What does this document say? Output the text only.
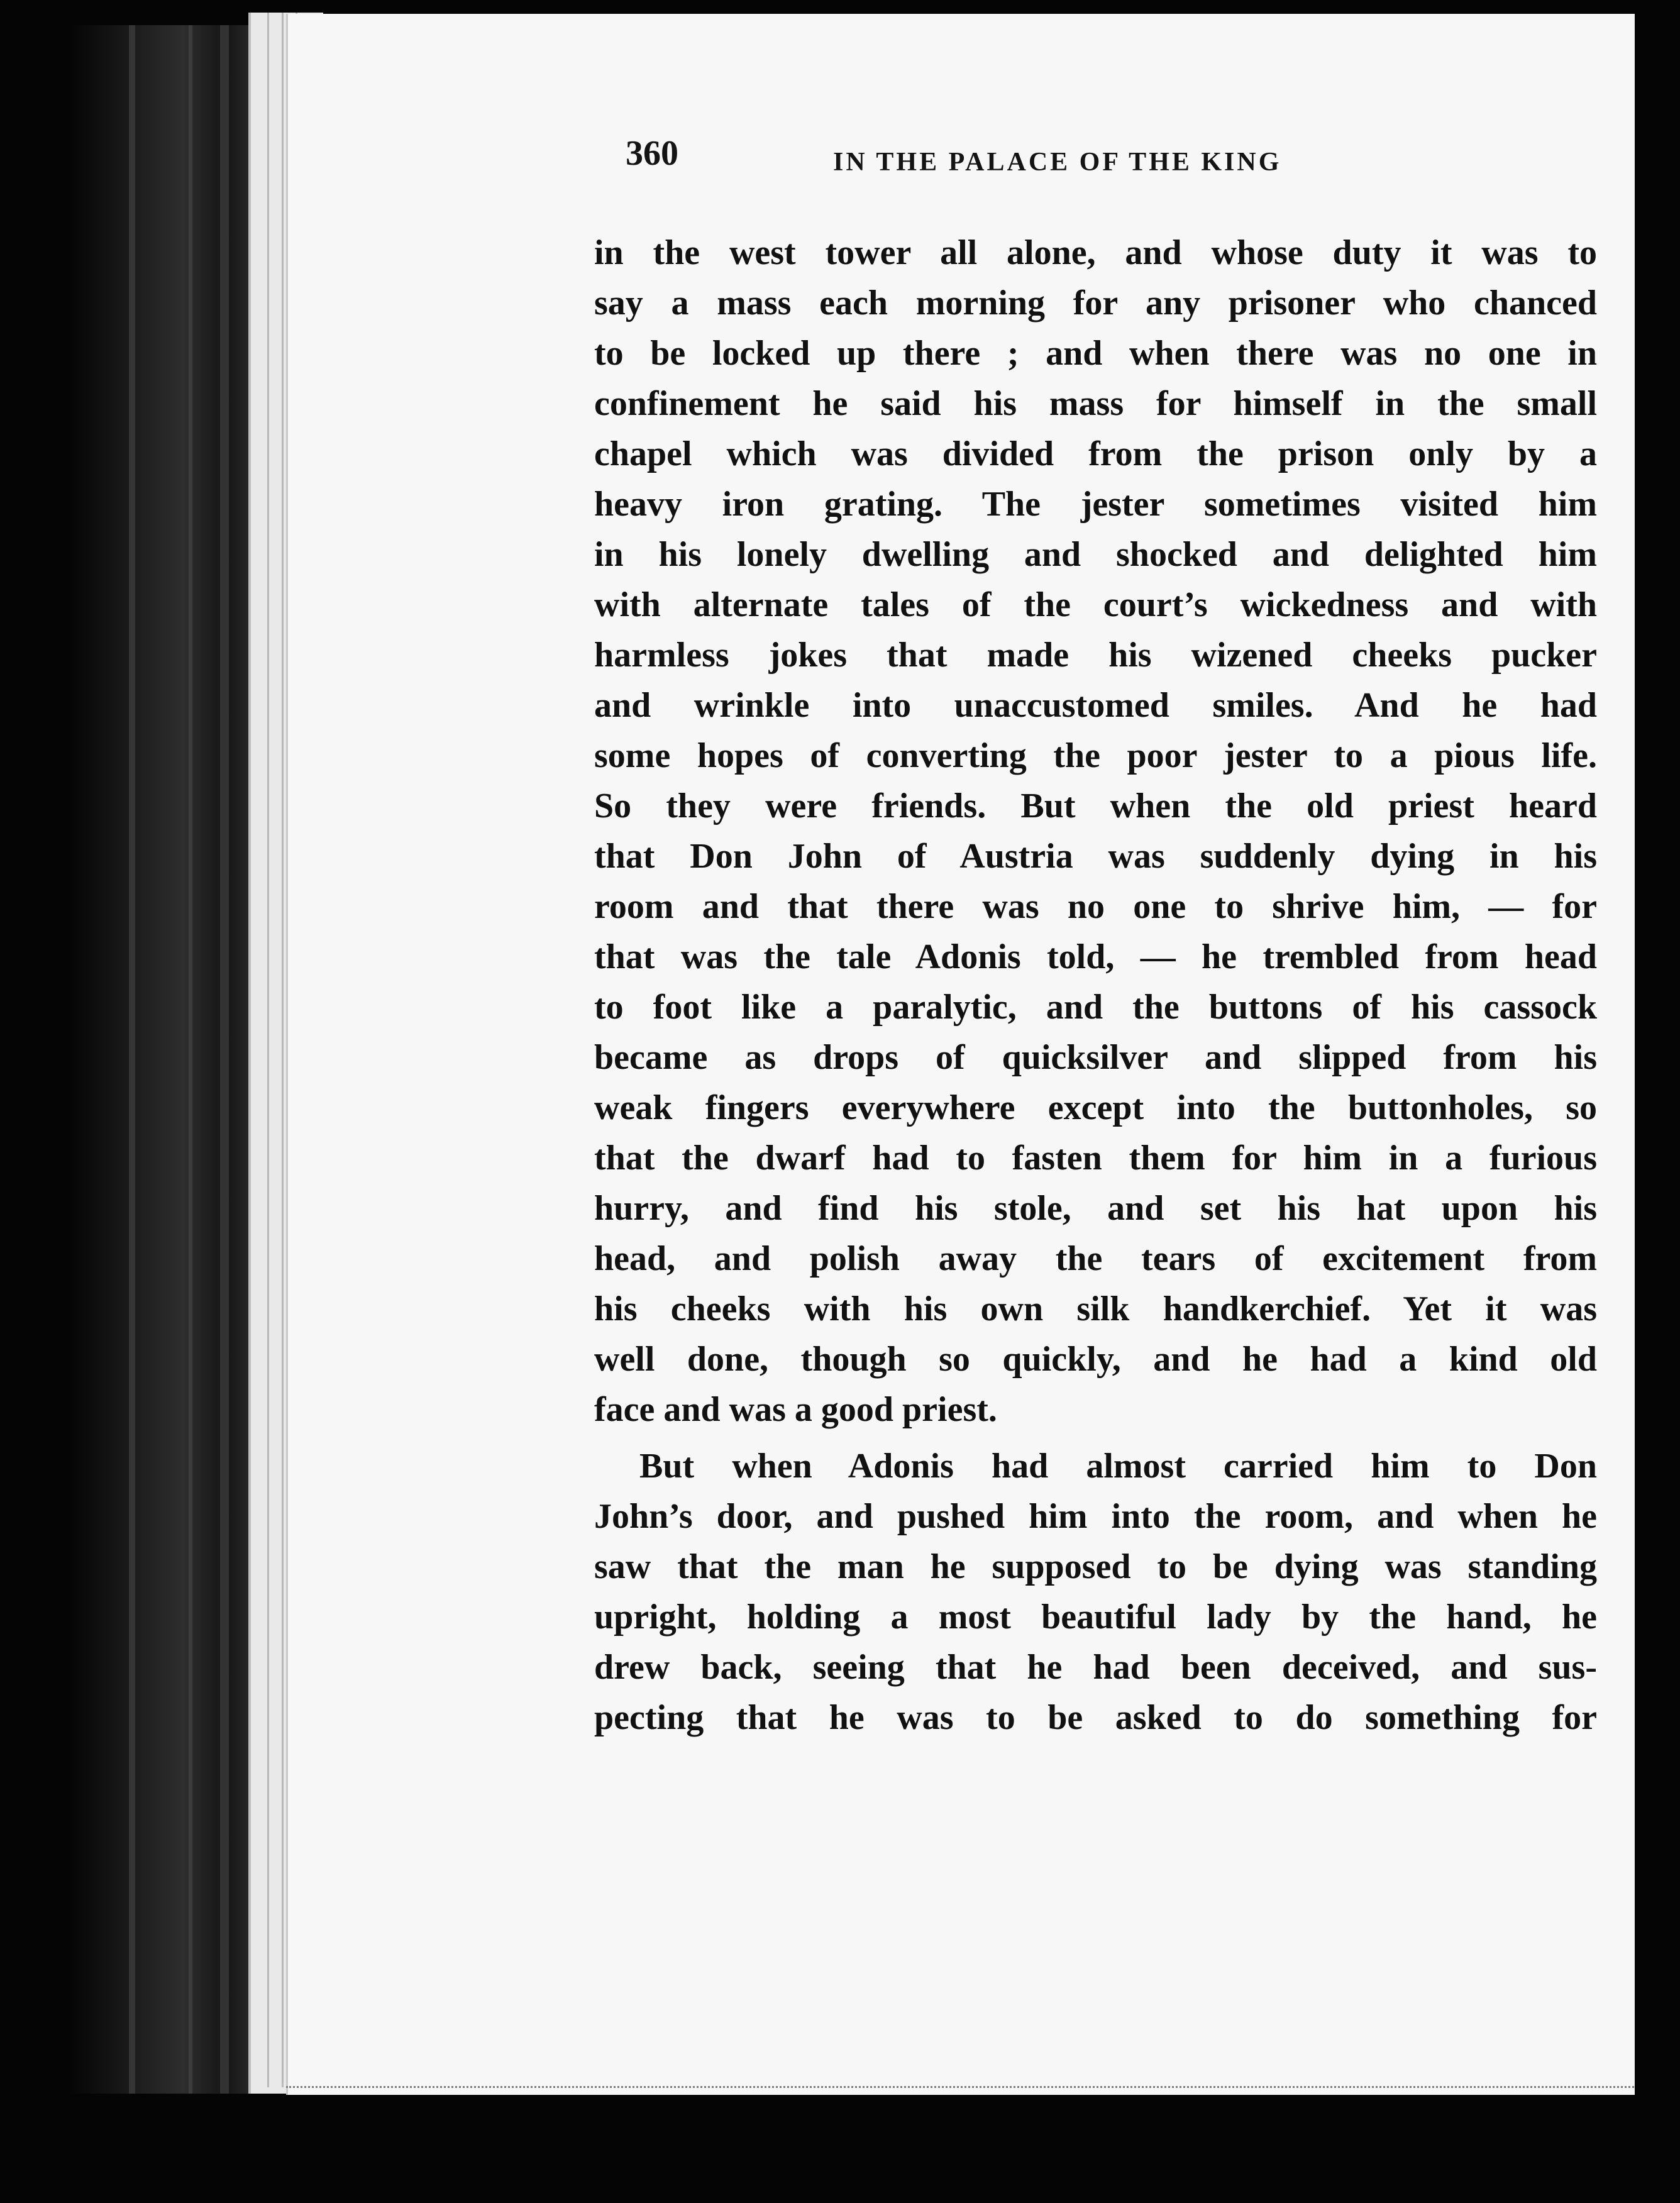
360	IN THE PALACE OF THE KING
in the west tower all alone, and whose duty it was to
say a mass each morning for any prisoner who chanced
to be locked up there ; and when there was no one in
confinement he said his mass for himself in the small
chapel which was divided from the prison only by a
heavy iron grating. The jester sometimes visited him
in his lonely dwelling and shocked and delighted him
with alternate tales of the court’s wickedness and with
harmless jokes that made his wizened cheeks pucker
and wrinkle into unaccustomed smiles. And he had
some hopes of converting the poor jester to a pious life.
So they were friends. But when the old priest heard
that Don John of Austria was suddenly dying in his
room and that there was no one to shrive him, — for
that was the tale Adonis told, — he trembled from head
to foot like a paralytic, and the buttons of his cassock
became as drops of quicksilver and slipped from his
weak fingers everywhere except into the buttonholes, so
that the dwarf had to fasten them for him in a furious
hurry, and find his stole, and set his hat upon his
head, and polish away the tears of excitement from
his cheeks with his own silk handkerchief. Yet it was
well done, though so quickly, and he had a kind old
face and was a good priest.
But when Adonis had almost carried him to Don
John’s door, and pushed him into the room, and when he
saw that the man he supposed to be dying was standing
upright, holding a most beautiful lady by the hand, he
drew back, seeing that he had been deceived, and sus-
pecting that he was to be asked to do something for
